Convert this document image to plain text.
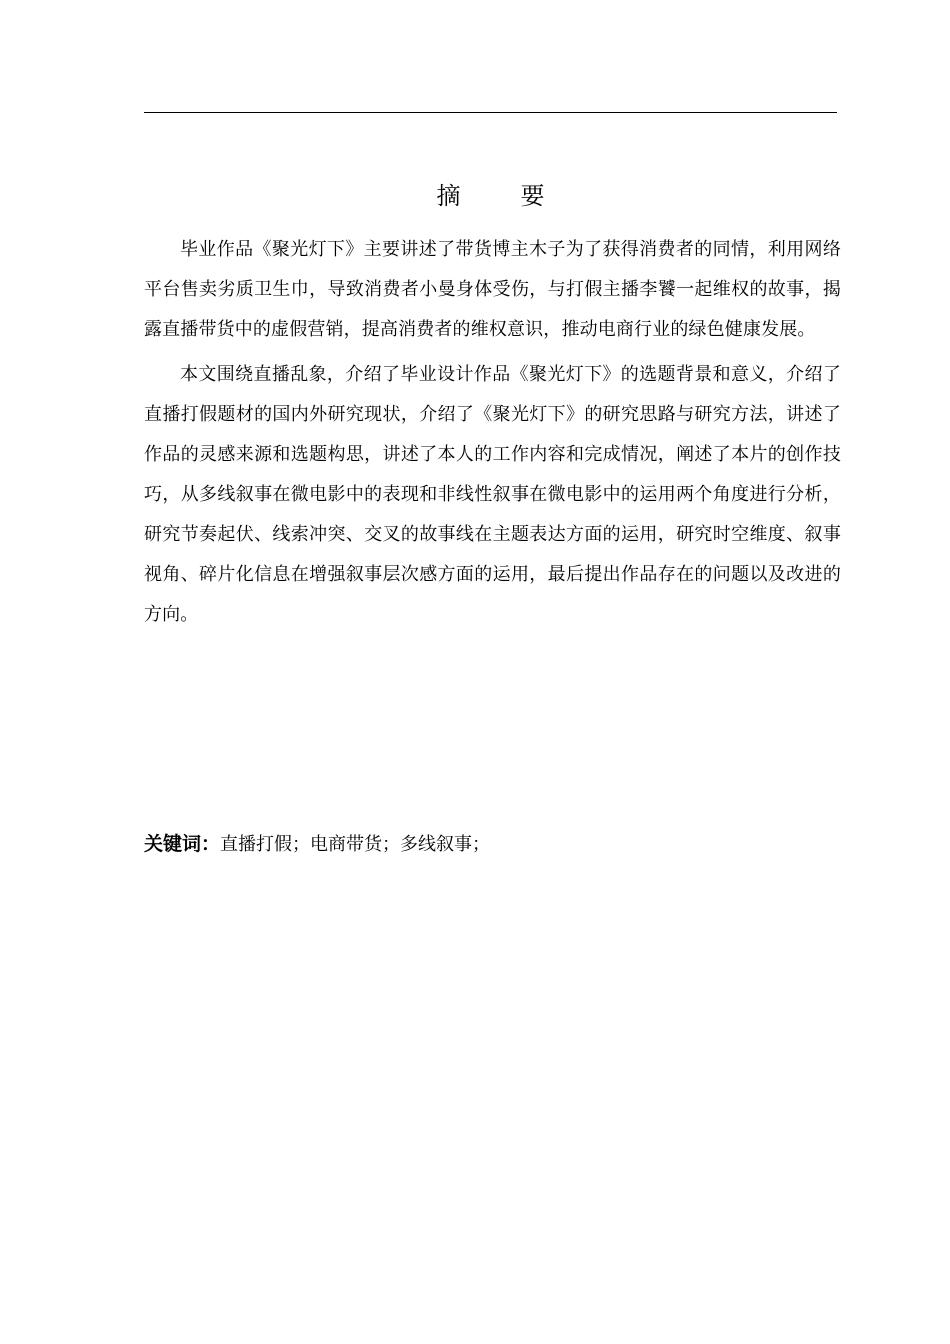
摘　要

毕业作品《聚光灯下》主要讲述了带货博主木子为了获得消费者的同情，利用网络平台售卖劣质卫生巾，导致消费者小曼身体受伤，与打假主播李饕一起维权的故事，揭露直播带货中的虚假营销，提高消费者的维权意识，推动电商行业的绿色健康发展。

本文围绕直播乱象，介绍了毕业设计作品《聚光灯下》的选题背景和意义，介绍了直播打假题材的国内外研究现状，介绍了《聚光灯下》的研究思路与研究方法，讲述了作品的灵感来源和选题构思，讲述了本人的工作内容和完成情况，阐述了本片的创作技巧，从多线叙事在微电影中的表现和非线性叙事在微电影中的运用两个角度进行分析，研究节奏起伏、线索冲突、交叉的故事线在主题表达方面的运用，研究时空维度、叙事视角、碎片化信息在增强叙事层次感方面的运用，最后提出作品存在的问题以及改进的方向。

关键词：直播打假；电商带货；多线叙事；
